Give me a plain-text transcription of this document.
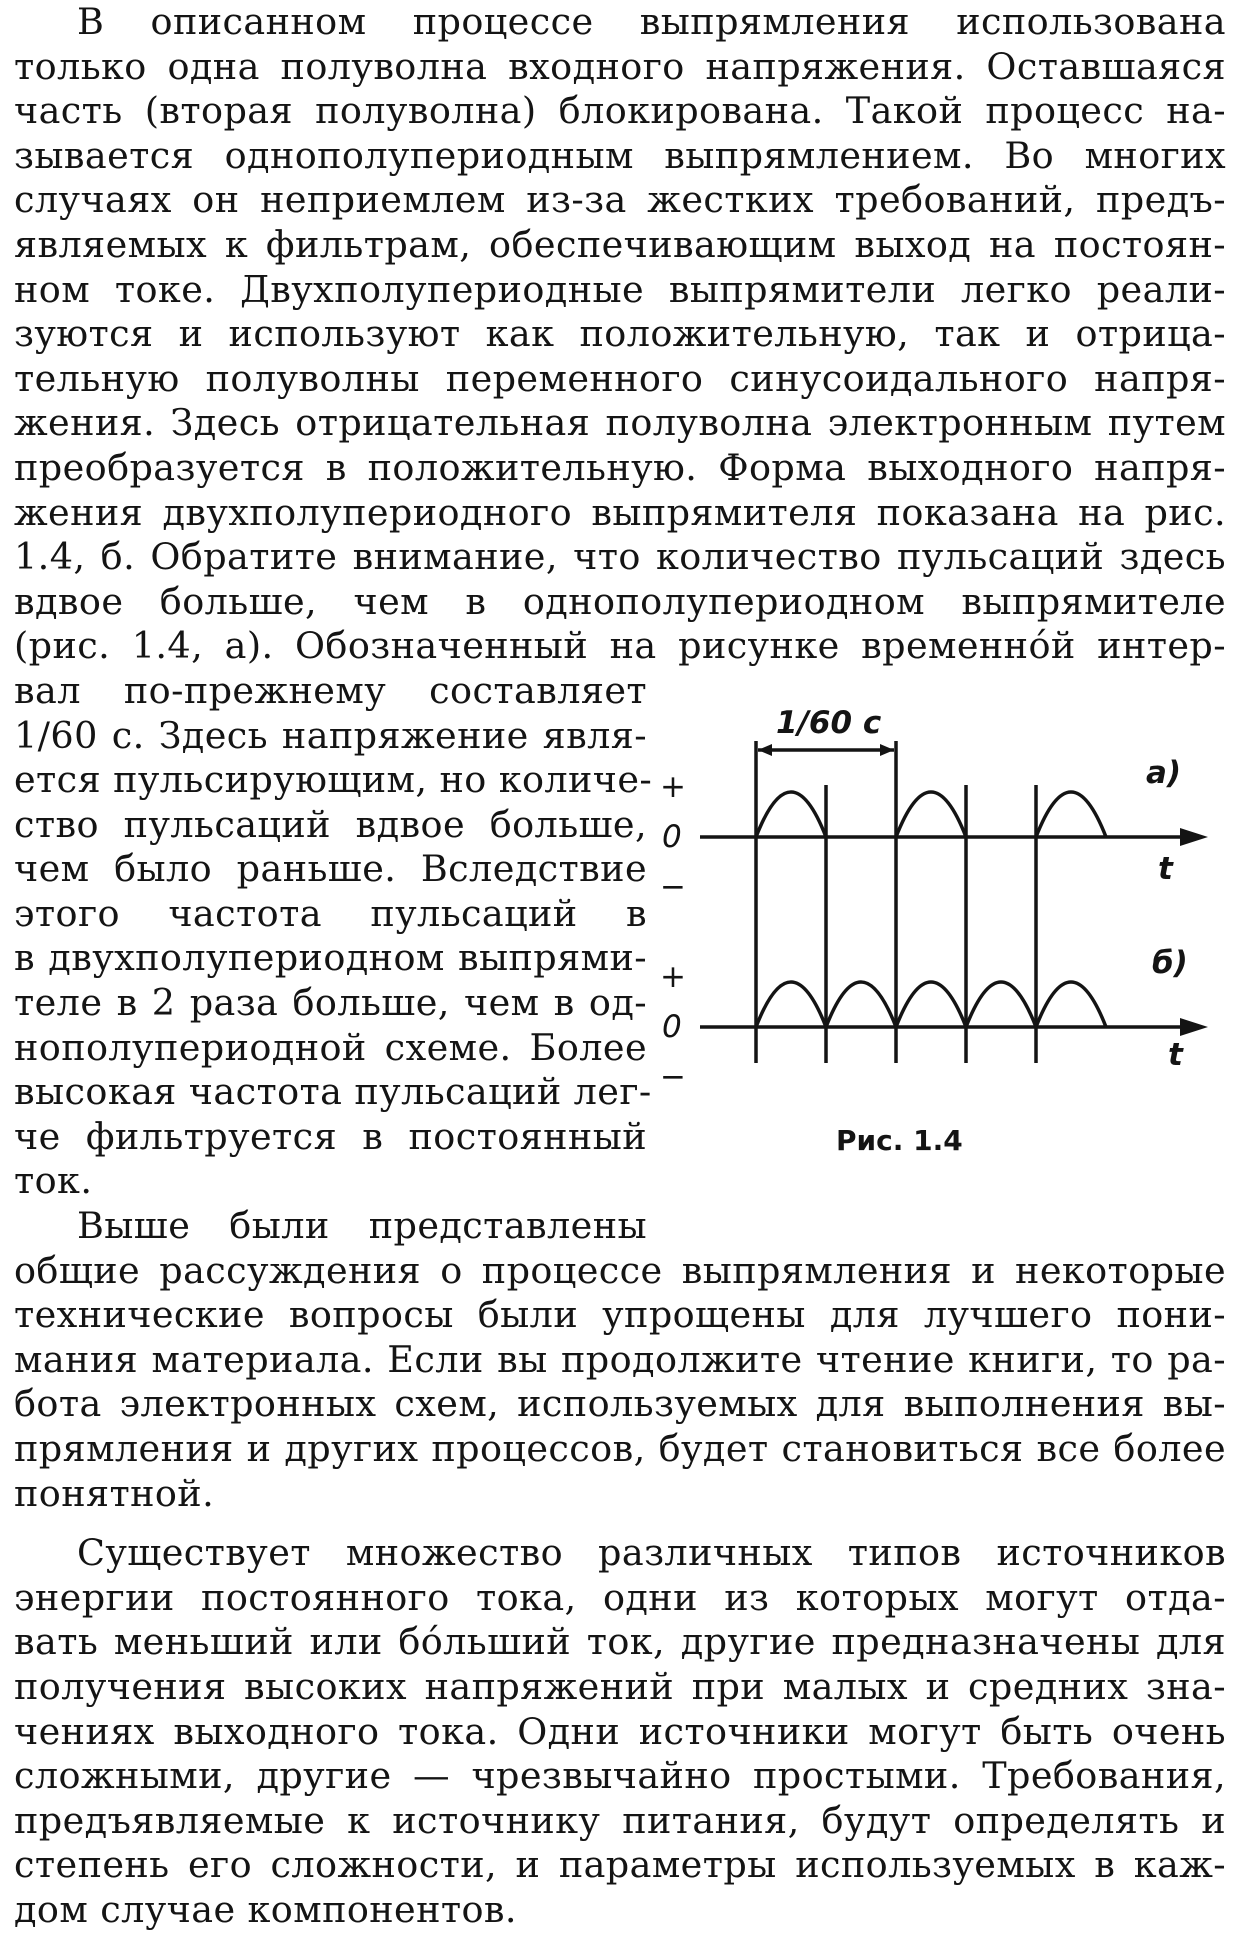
В описанном процессе выпрямления использована
только одна полуволна входного напряжения. Оставшаяся
часть (вторая полуволна) блокирована. Такой процесс на-
зывается однополупериодным выпрямлением. Во многих
случаях он неприемлем из-за жестких требований, предъ-
являемых к фильтрам, обеспечивающим выход на постоян-
ном токе. Двухполупериодные выпрямители легко реали-
зуются и используют как положительную, так и отрица-
тельную полуволны переменного синусоидального напря-
жения. Здесь отрицательная полуволна электронным путем
преобразуется в положительную. Форма выходного напря-
жения двухполупериодного выпрямителя показана на рис.
1.4, б. Обратите внимание, что количество пульсаций здесь
вдвое больше, чем в однополупериодном выпрямителе
(рис. 1.4, а). Обозначенный на рисунке временно́й интер-
вал по-прежнему составляет
1/60 с. Здесь напряжение явля-
ется пульсирующим, но количе-
ство пульсаций вдвое больше,
чем было раньше. Вследствие
этого частота пульсаций в
в двухполупериодном выпрями-
теле в 2 раза больше, чем в од-
нополупериодной схеме. Более
высокая частота пульсаций лег-
че фильтруется в постоянный
ток.
Выше были представлены
общие рассуждения о процессе выпрямления и некоторые
технические вопросы были упрощены для лучшего пони-
мания материала. Если вы продолжите чтение книги, то ра-
бота электронных схем, используемых для выполнения вы-
прямления и других процессов, будет становиться все более
понятной.
Существует множество различных типов источников
энергии постоянного тока, одни из которых могут отда-
вать меньший или бо́льший ток, другие предназначены для
получения высоких напряжений при малых и средних зна-
чениях выходного тока. Одни источники могут быть очень
сложными, другие — чрезвычайно простыми. Требования,
предъявляемые к источнику питания, будут определять и
степень его сложности, и параметры используемых в каж-
дом случае компонентов.
1/60 с
а)
б)
t
t
+
0
−
+
0
−
Рис. 1.4
